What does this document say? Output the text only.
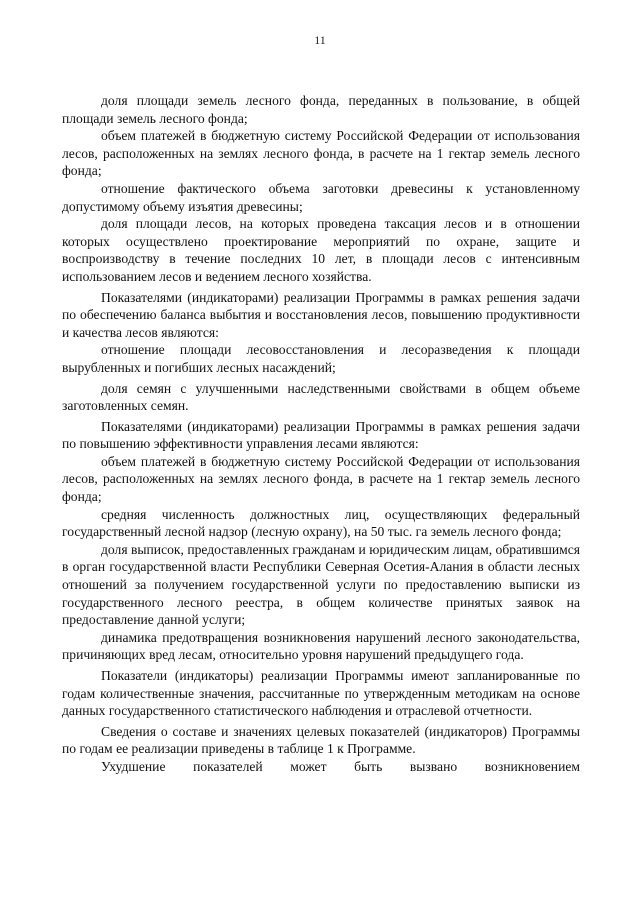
11

доля площади земель лесного фонда, переданных в пользование, в общей площади земель лесного фонда;

объем платежей в бюджетную систему Российской Федерации от использования лесов, расположенных на землях лесного фонда, в расчете на 1 гектар земель лесного фонда;

отношение фактического объема заготовки древесины к установленному допустимому объему изъятия древесины;

доля площади лесов, на которых проведена таксация лесов и в отношении которых осуществлено проектирование мероприятий по охране, защите и воспроизводству в течение последних 10 лет, в площади лесов с интенсивным использованием лесов и ведением лесного хозяйства.

Показателями (индикаторами) реализации Программы в рамках решения задачи по обеспечению баланса выбытия и восстановления лесов, повышению продуктивности и качества лесов являются:

отношение площади лесовосстановления и лесоразведения к площади вырубленных и погибших лесных насаждений;

доля семян с улучшенными наследственными свойствами в общем объеме заготовленных семян.

Показателями (индикаторами) реализации Программы в рамках решения задачи по повышению эффективности управления лесами являются:

объем платежей в бюджетную систему Российской Федерации от использования лесов, расположенных на землях лесного фонда, в расчете на 1 гектар земель лесного фонда;

средняя численность должностных лиц, осуществляющих федеральный государственный лесной надзор (лесную охрану), на 50 тыс. га земель лесного фонда;

доля выписок, предоставленных гражданам и юридическим лицам, обратившимся в орган государственной власти Республики Северная Осетия-Алания в области лесных отношений за получением государственной услуги по предоставлению выписки из государственного лесного реестра, в общем количестве принятых заявок на предоставление данной услуги;

динамика предотвращения возникновения нарушений лесного законодательства, причиняющих вред лесам, относительно уровня нарушений предыдущего года.

Показатели (индикаторы) реализации Программы имеют запланированные по годам количественные значения, рассчитанные по утвержденным методикам на основе данных государственного статистического наблюдения и отраслевой отчетности.

Сведения о составе и значениях целевых показателей (индикаторов) Программы по годам ее реализации приведены в таблице 1 к Программе.

Ухудшение показателей может быть вызвано возникновением
